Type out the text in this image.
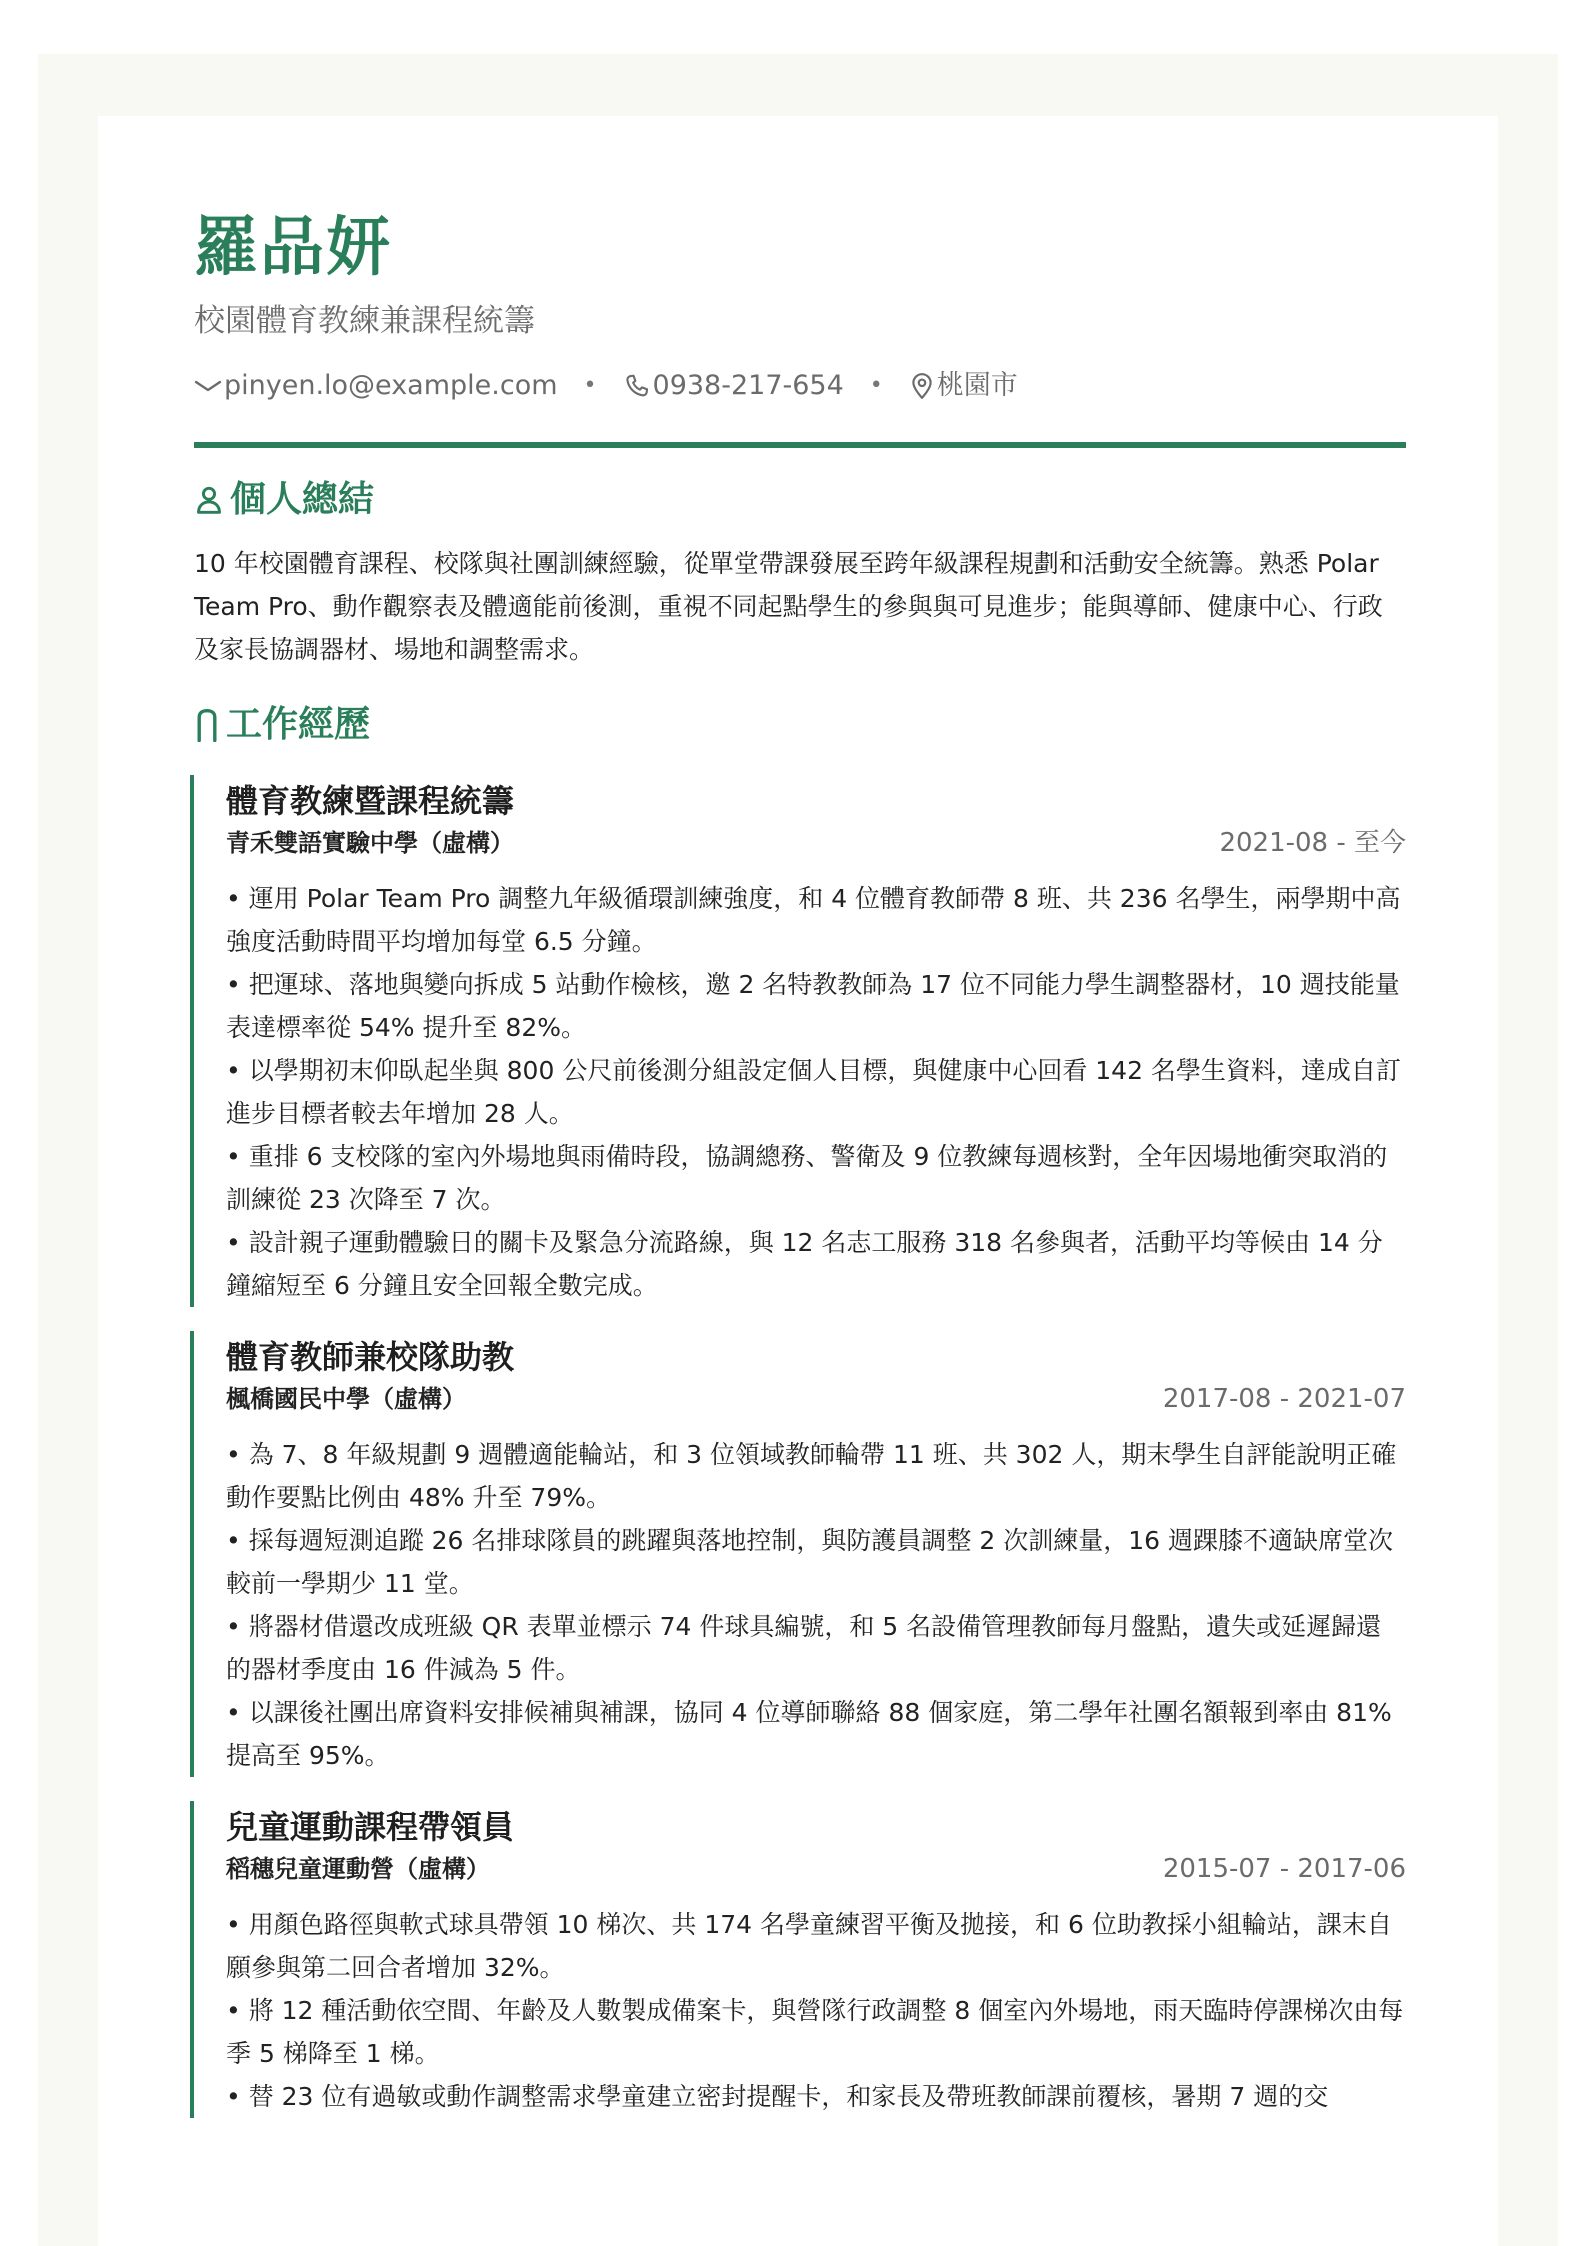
羅品妍
校園體育教練兼課程統籌
pinyen.lo@example.com • 0938-217-654 • 桃園市
個人總結
10 年校園體育課程、校隊與社團訓練經驗，從單堂帶課發展至跨年級課程規劃和活動安全統籌。熟悉 Polar Team Pro、動作觀察表及體適能前後測，重視不同起點學生的參與與可見進步；能與導師、健康中心、行政及家長協調器材、場地和調整需求。
工作經歷
體育教練暨課程統籌
青禾雙語實驗中學（虛構）	2021-08 - 至今
• 運用 Polar Team Pro 調整九年級循環訓練強度，和 4 位體育教師帶 8 班、共 236 名學生，兩學期中高強度活動時間平均增加每堂 6.5 分鐘。
• 把運球、落地與變向拆成 5 站動作檢核，邀 2 名特教教師為 17 位不同能力學生調整器材，10 週技能量表達標率從 54% 提升至 82%。
• 以學期初末仰臥起坐與 800 公尺前後測分組設定個人目標，與健康中心回看 142 名學生資料，達成自訂進步目標者較去年增加 28 人。
• 重排 6 支校隊的室內外場地與雨備時段，協調總務、警衛及 9 位教練每週核對，全年因場地衝突取消的訓練從 23 次降至 7 次。
• 設計親子運動體驗日的關卡及緊急分流路線，與 12 名志工服務 318 名參與者，活動平均等候由 14 分鐘縮短至 6 分鐘且安全回報全數完成。
體育教師兼校隊助教
楓橋國民中學（虛構）	2017-08 - 2021-07
• 為 7、8 年級規劃 9 週體適能輪站，和 3 位領域教師輪帶 11 班、共 302 人，期末學生自評能說明正確動作要點比例由 48% 升至 79%。
• 採每週短測追蹤 26 名排球隊員的跳躍與落地控制，與防護員調整 2 次訓練量，16 週踝膝不適缺席堂次較前一學期少 11 堂。
• 將器材借還改成班級 QR 表單並標示 74 件球具編號，和 5 名設備管理教師每月盤點，遺失或延遲歸還的器材季度由 16 件減為 5 件。
• 以課後社團出席資料安排候補與補課，協同 4 位導師聯絡 88 個家庭，第二學年社團名額報到率由 81% 提高至 95%。
兒童運動課程帶領員
稻穗兒童運動營（虛構）	2015-07 - 2017-06
• 用顏色路徑與軟式球具帶領 10 梯次、共 174 名學童練習平衡及拋接，和 6 位助教採小組輪站，課末自願參與第二回合者增加 32%。
• 將 12 種活動依空間、年齡及人數製成備案卡，與營隊行政調整 8 個室內外場地，雨天臨時停課梯次由每季 5 梯降至 1 梯。
• 替 23 位有過敏或動作調整需求學童建立密封提醒卡，和家長及帶班教師課前覆核，暑期 7 週的交
